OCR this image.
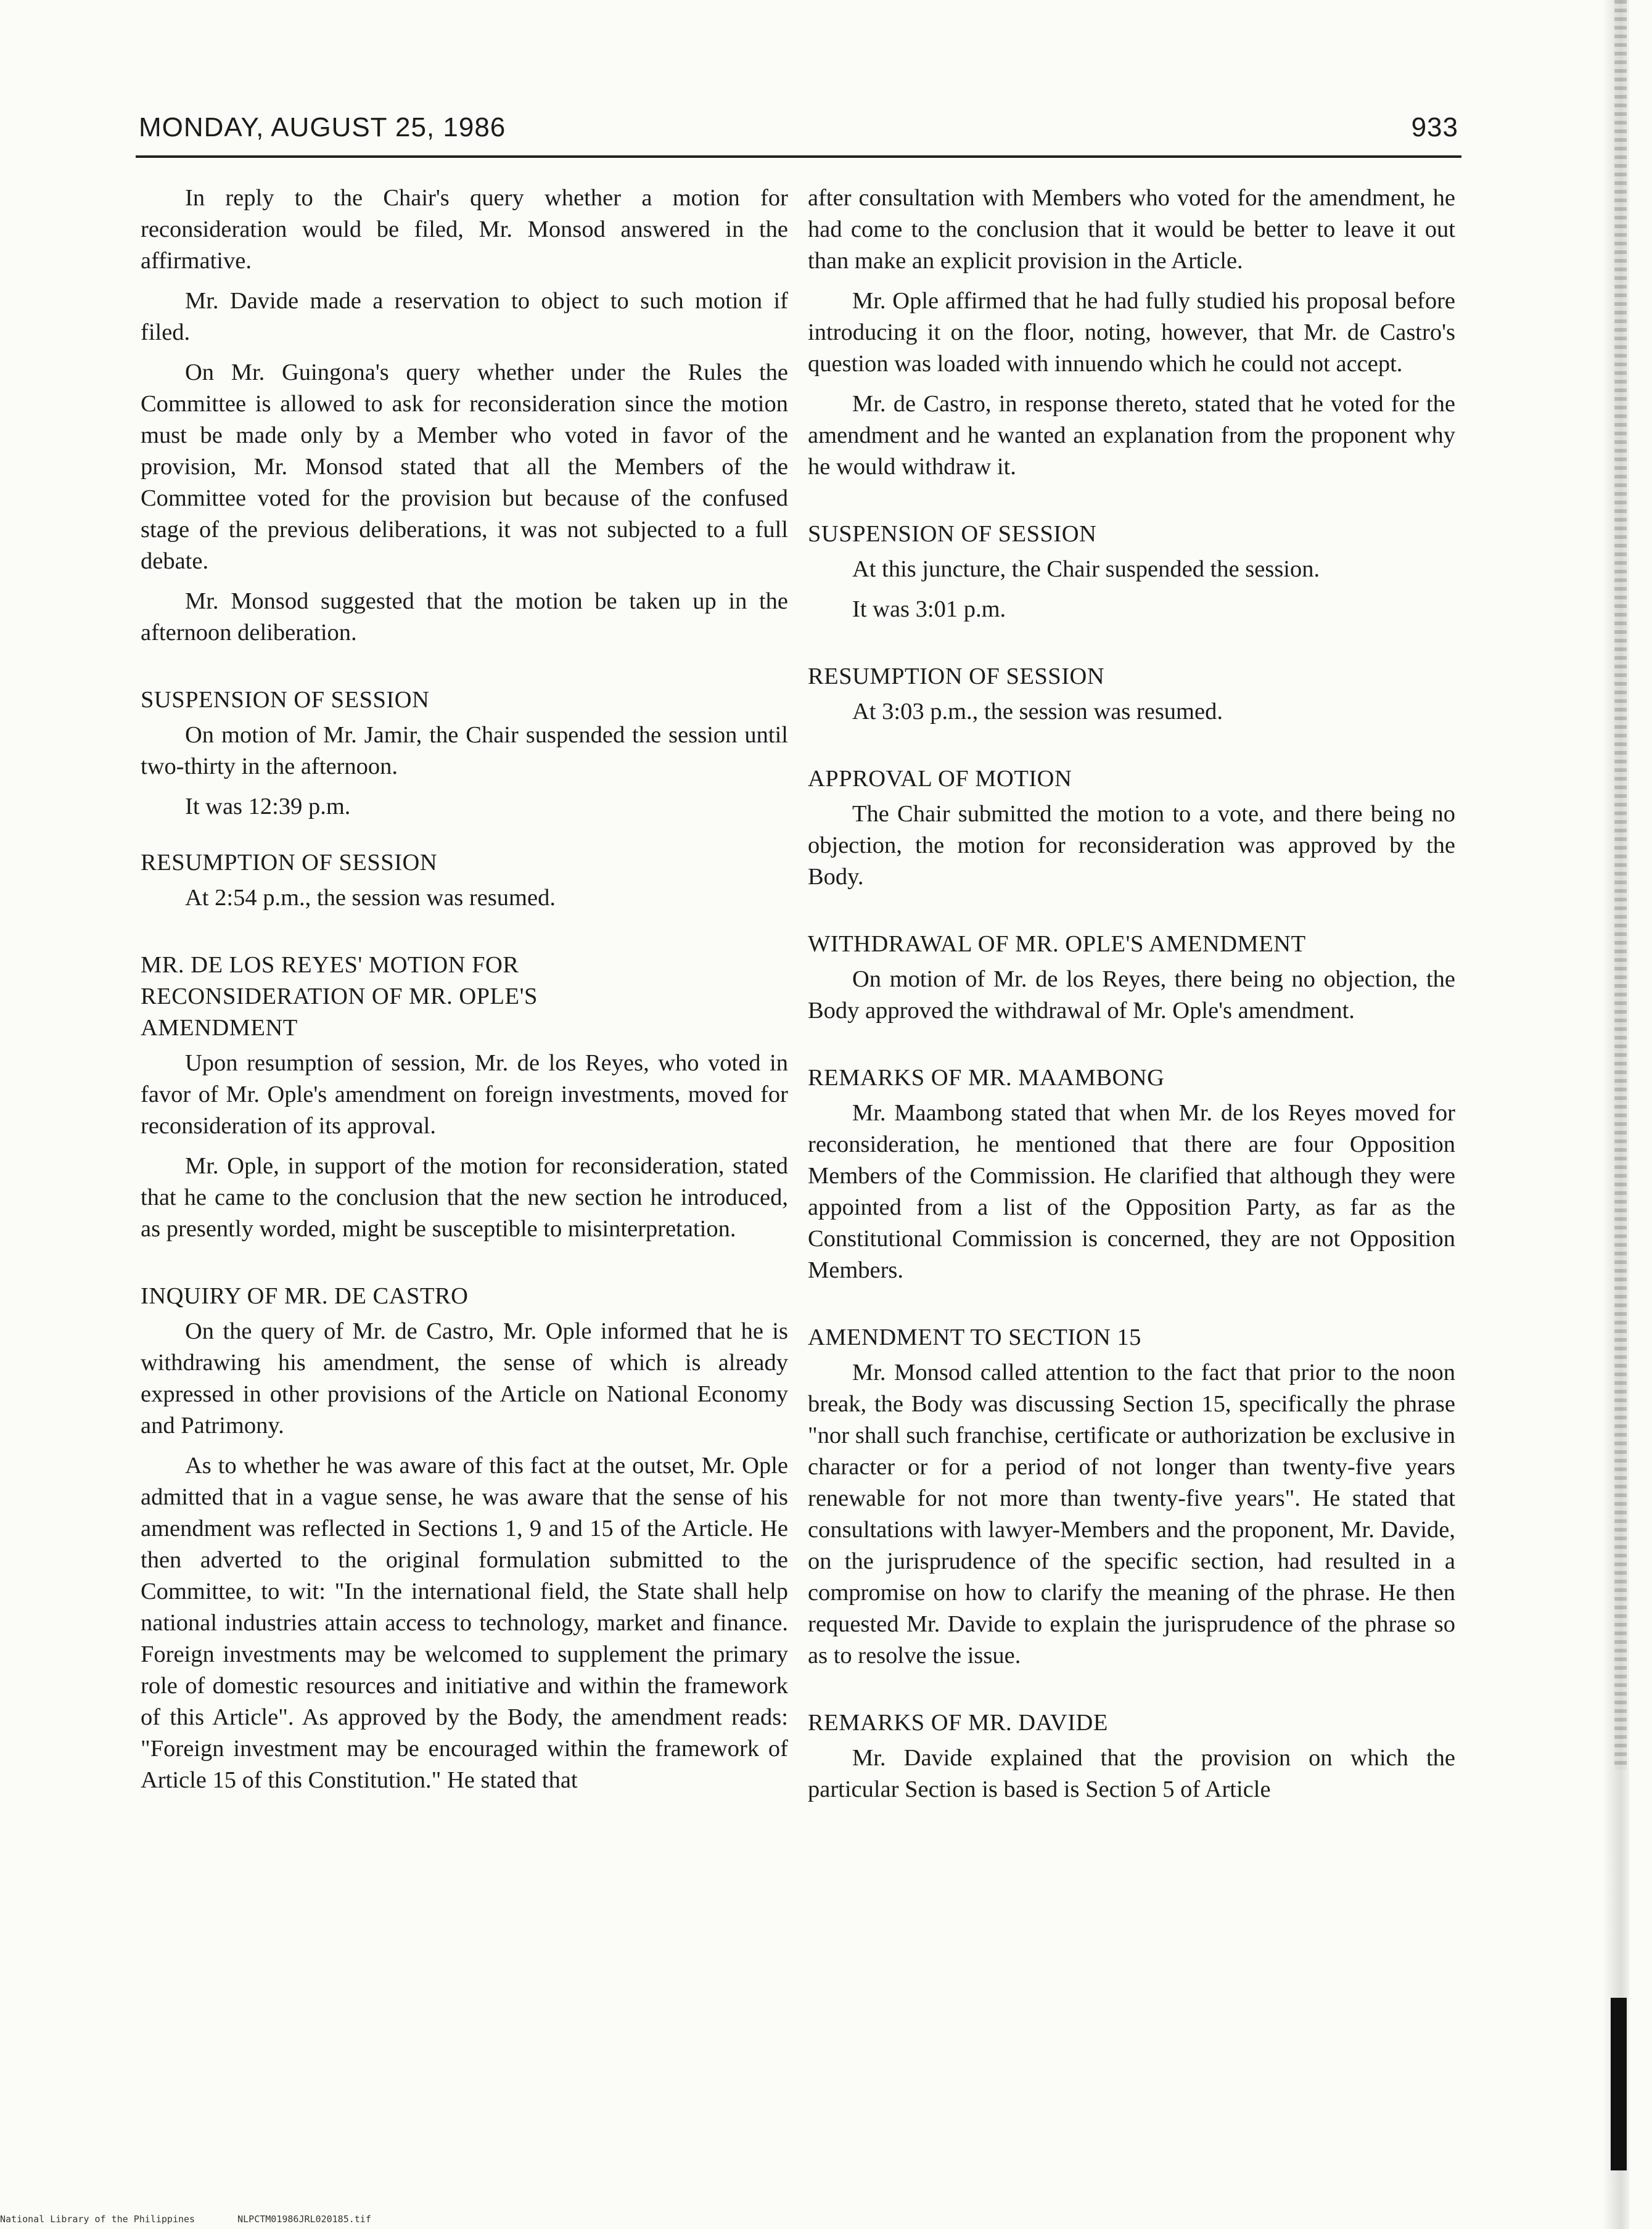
MONDAY, AUGUST 25, 1986	933

In reply to the Chair's query whether a motion for reconsideration would be filed, Mr. Monsod answered in the affirmative.

Mr. Davide made a reservation to object to such motion if filed.

On Mr. Guingona's query whether under the Rules the Committee is allowed to ask for reconsideration since the motion must be made only by a Member who voted in favor of the provision, Mr. Monsod stated that all the Members of the Committee voted for the provision but because of the confused stage of the previous deliberations, it was not subjected to a full debate.

Mr. Monsod suggested that the motion be taken up in the afternoon deliberation.

SUSPENSION OF SESSION

On motion of Mr. Jamir, the Chair suspended the session until two-thirty in the afternoon.

It was 12:39 p.m.

RESUMPTION OF SESSION

At 2:54 p.m., the session was resumed.

MR. DE LOS REYES' MOTION FOR
RECONSIDERATION OF MR. OPLE'S
AMENDMENT

Upon resumption of session, Mr. de los Reyes, who voted in favor of Mr. Ople's amendment on foreign investments, moved for reconsideration of its approval.

Mr. Ople, in support of the motion for reconsideration, stated that he came to the conclusion that the new section he introduced, as presently worded, might be susceptible to misinterpretation.

INQUIRY OF MR. DE CASTRO

On the query of Mr. de Castro, Mr. Ople informed that he is withdrawing his amendment, the sense of which is already expressed in other provisions of the Article on National Economy and Patrimony.

As to whether he was aware of this fact at the outset, Mr. Ople admitted that in a vague sense, he was aware that the sense of his amendment was reflected in Sections 1, 9 and 15 of the Article. He then adverted to the original formulation submitted to the Committee, to wit: "In the international field, the State shall help national industries attain access to technology, market and finance. Foreign investments may be welcomed to supplement the primary role of domestic resources and initiative and within the framework of this Article". As approved by the Body, the amendment reads: "Foreign investment may be encouraged within the framework of Article 15 of this Constitution." He stated that

after consultation with Members who voted for the amendment, he had come to the conclusion that it would be better to leave it out than make an explicit provision in the Article.

Mr. Ople affirmed that he had fully studied his proposal before introducing it on the floor, noting, however, that Mr. de Castro's question was loaded with innuendo which he could not accept.

Mr. de Castro, in response thereto, stated that he voted for the amendment and he wanted an explanation from the proponent why he would withdraw it.

SUSPENSION OF SESSION

At this juncture, the Chair suspended the session.

It was 3:01 p.m.

RESUMPTION OF SESSION

At 3:03 p.m., the session was resumed.

APPROVAL OF MOTION

The Chair submitted the motion to a vote, and there being no objection, the motion for reconsideration was approved by the Body.

WITHDRAWAL OF MR. OPLE'S AMENDMENT

On motion of Mr. de los Reyes, there being no objection, the Body approved the withdrawal of Mr. Ople's amendment.

REMARKS OF MR. MAAMBONG

Mr. Maambong stated that when Mr. de los Reyes moved for reconsideration, he mentioned that there are four Opposition Members of the Commission. He clarified that although they were appointed from a list of the Opposition Party, as far as the Constitutional Commission is concerned, they are not Opposition Members.

AMENDMENT TO SECTION 15

Mr. Monsod called attention to the fact that prior to the noon break, the Body was discussing Section 15, specifically the phrase "nor shall such franchise, certificate or authorization be exclusive in character or for a period of not longer than twenty-five years renewable for not more than twenty-five years". He stated that consultations with lawyer-Members and the proponent, Mr. Davide, on the jurisprudence of the specific section, had resulted in a compromise on how to clarify the meaning of the phrase. He then requested Mr. Davide to explain the jurisprudence of the phrase so as to resolve the issue.

REMARKS OF MR. DAVIDE

Mr. Davide explained that the provision on which the particular Section is based is Section 5 of Article

National Library of the Philippines	NLPCTM01986JRL020185.tif
